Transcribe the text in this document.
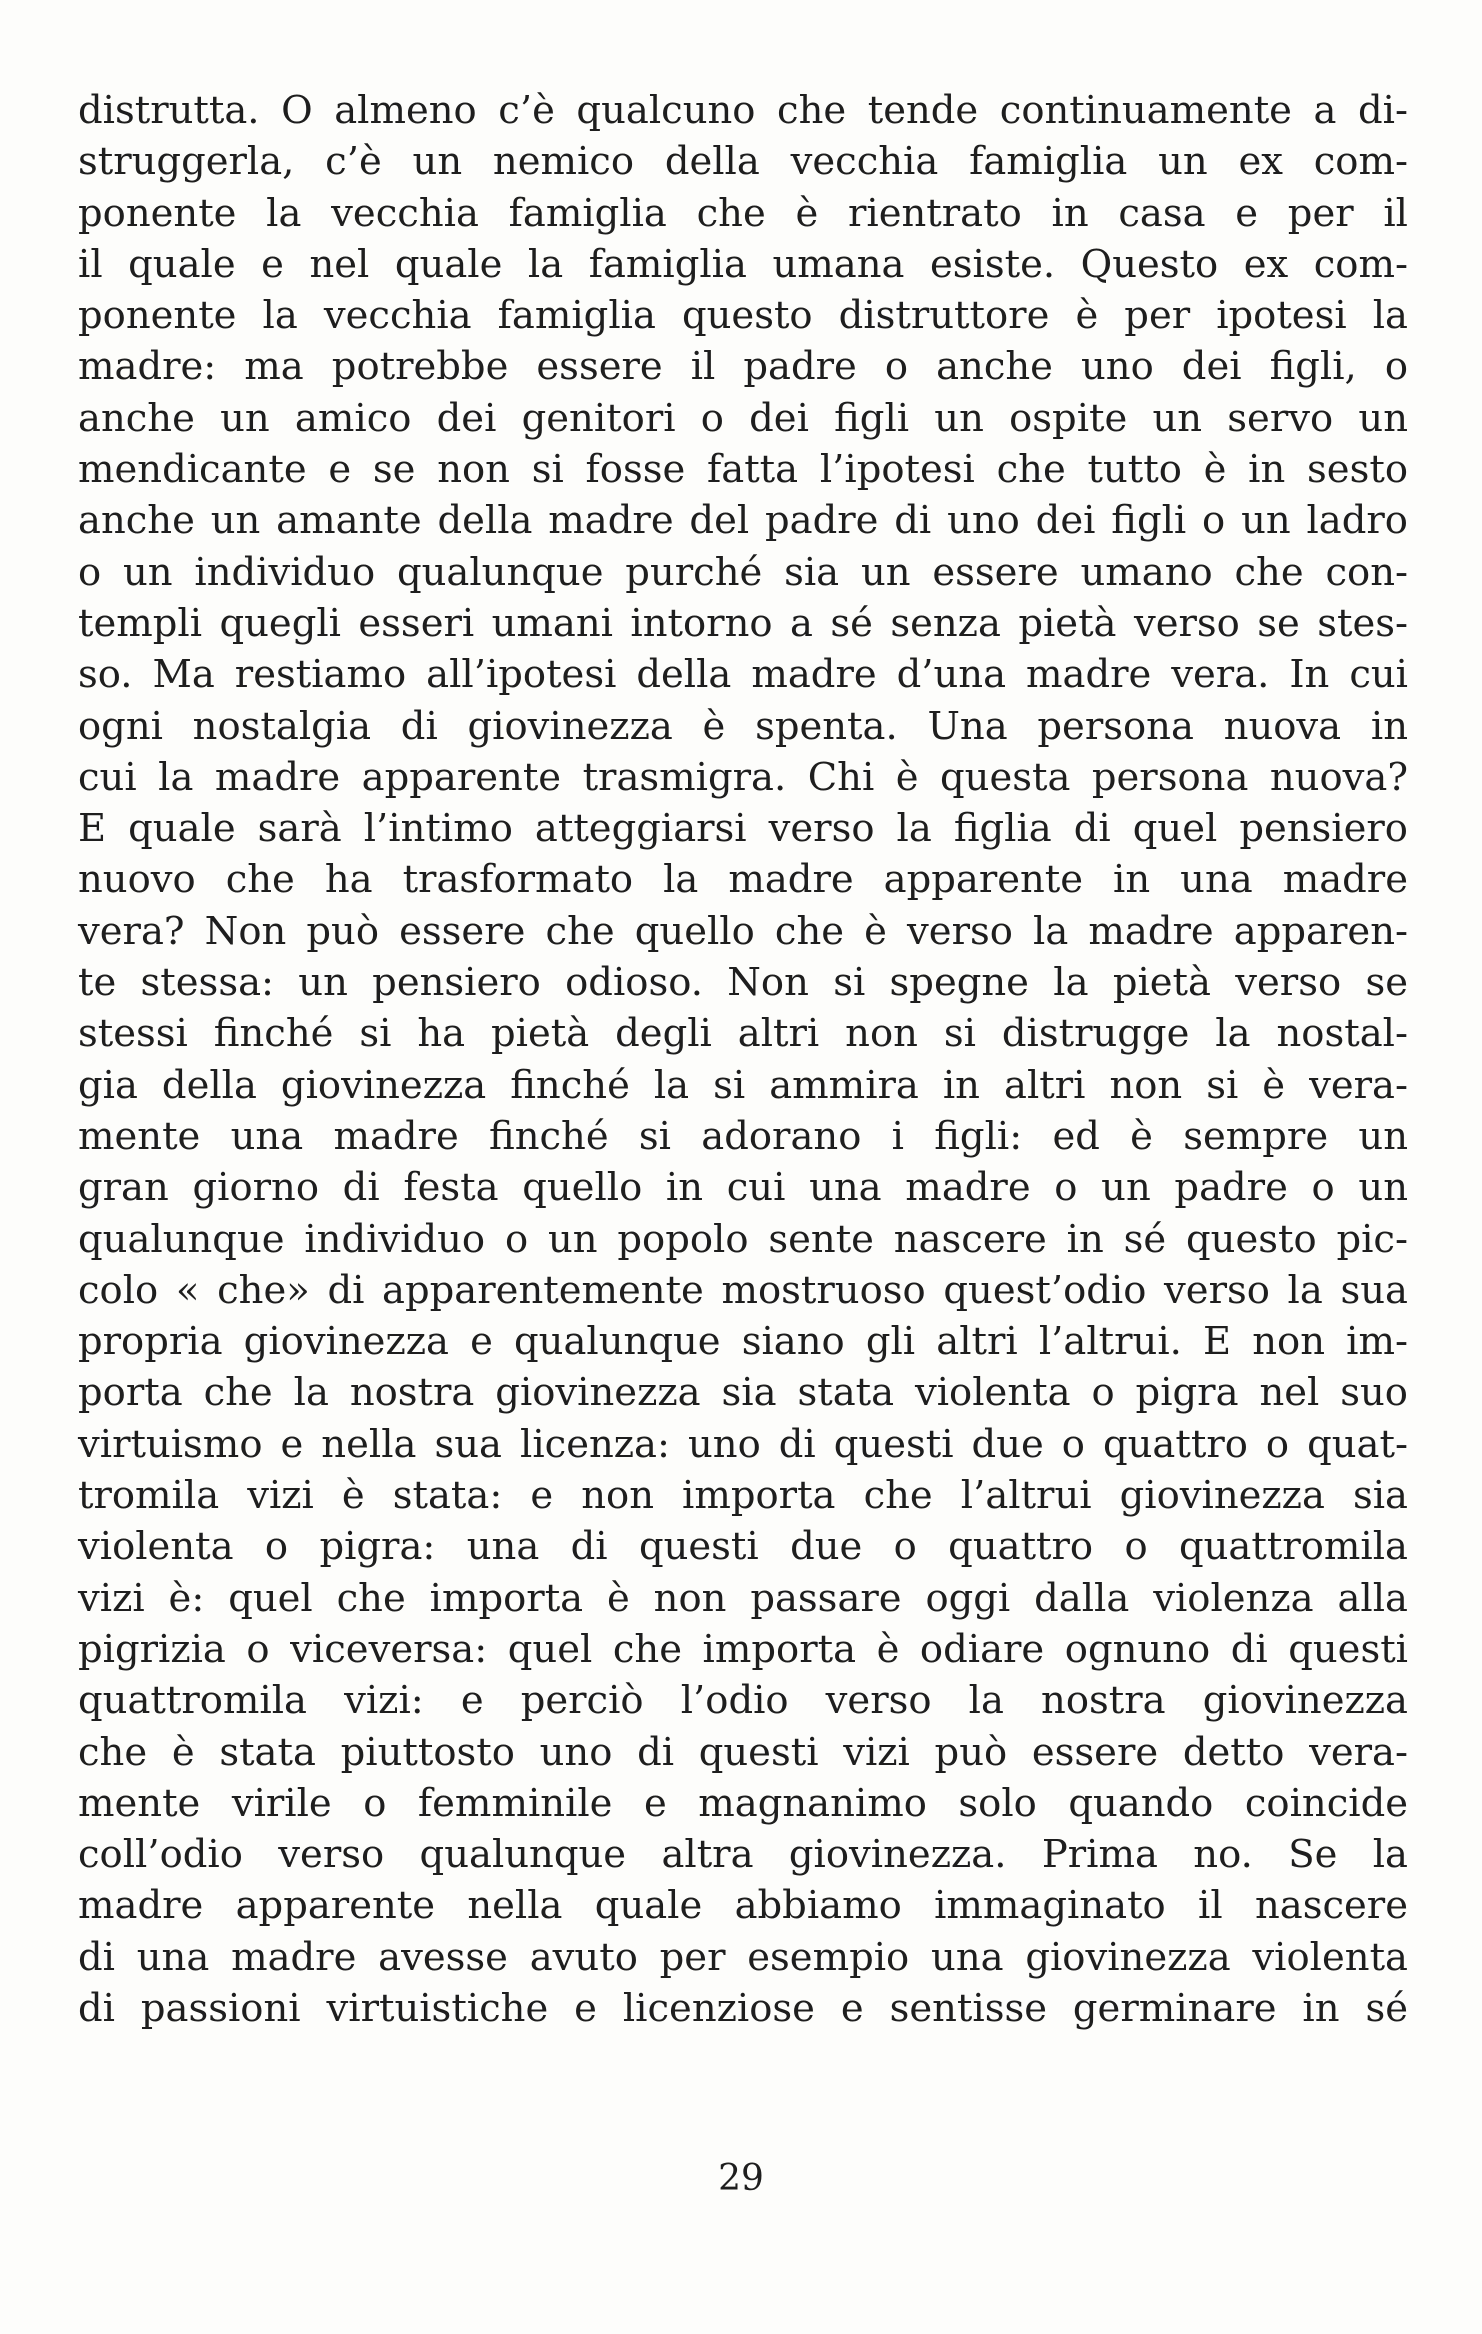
distrutta. O almeno c’è qualcuno che tende continuamente a di-
struggerla, c’è un nemico della vecchia famiglia un ex com-
ponente la vecchia famiglia che è rientrato in casa e per il
il quale e nel quale la famiglia umana esiste. Questo ex com-
ponente la vecchia famiglia questo distruttore è per ipotesi la
madre: ma potrebbe essere il padre o anche uno dei figli, o
anche un amico dei genitori o dei figli un ospite un servo un
mendicante e se non si fosse fatta l’ipotesi che tutto è in sesto
anche un amante della madre del padre di uno dei figli o un ladro
o un individuo qualunque purché sia un essere umano che con-
templi quegli esseri umani intorno a sé senza pietà verso se stes-
so. Ma restiamo all’ipotesi della madre d’una madre vera. In cui
ogni nostalgia di giovinezza è spenta. Una persona nuova in
cui la madre apparente trasmigra. Chi è questa persona nuova?
E quale sarà l’intimo atteggiarsi verso la figlia di quel pensiero
nuovo che ha trasformato la madre apparente in una madre
vera? Non può essere che quello che è verso la madre apparen-
te stessa: un pensiero odioso. Non si spegne la pietà verso se
stessi finché si ha pietà degli altri non si distrugge la nostal-
gia della giovinezza finché la si ammira in altri non si è vera-
mente una madre finché si adorano i figli: ed è sempre un
gran giorno di festa quello in cui una madre o un padre o un
qualunque individuo o un popolo sente nascere in sé questo pic-
colo « che» di apparentemente mostruoso quest’odio verso la sua
propria giovinezza e qualunque siano gli altri l’altrui. E non im-
porta che la nostra giovinezza sia stata violenta o pigra nel suo
virtuismo e nella sua licenza: uno di questi due o quattro o quat-
tromila vizi è stata: e non importa che l’altrui giovinezza sia
violenta o pigra: una di questi due o quattro o quattromila
vizi è: quel che importa è non passare oggi dalla violenza alla
pigrizia o viceversa: quel che importa è odiare ognuno di questi
quattromila vizi: e perciò l’odio verso la nostra giovinezza
che è stata piuttosto uno di questi vizi può essere detto vera-
mente virile o femminile e magnanimo solo quando coincide
coll’odio verso qualunque altra giovinezza. Prima no. Se la
madre apparente nella quale abbiamo immaginato il nascere
di una madre avesse avuto per esempio una giovinezza violenta
di passioni virtuistiche e licenziose e sentisse germinare in sé
29
